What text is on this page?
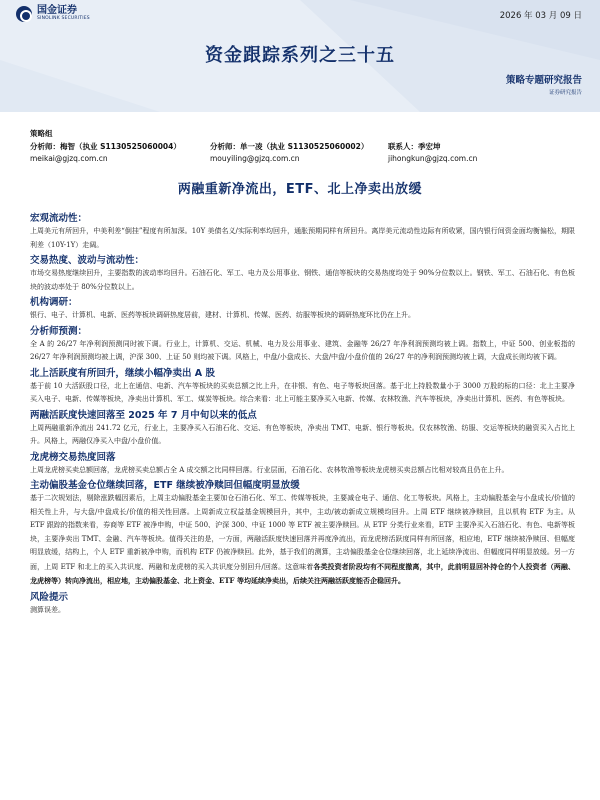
国金证券
SINOLINK SECURITIES	2026 年 03 月 09 日
资金跟踪系列之三十五
策略专题研究报告
证券研究报告
策略组
分析师：梅智（执业 S1130525060004）	分析师：单一凌（执业 S1130525060002）	联系人：季宏坤
meikai@gjzq.com.cn	mouyiling@gjzq.com.cn	jihongkun@gjzq.com.cn
两融重新净流出，ETF、北上净卖出放缓
宏观流动性：

上周美元有所回升，中美利差“倒挂”程度有所加深。10Y 美债名义/实际利率均回升，通胀预期同样有所回升。离岸美元流动性边际有所收紧，国内银行间资金面均衡偏松，期限利差（10Y-1Y）走阔。

交易热度、波动与流动性：

市场交易热度继续回升，主要指数的波动率均回升。石油石化、军工、电力及公用事业、钢铁、通信等板块的交易热度均处于 90%分位数以上。钢铁、军工、石油石化、有色板块的波动率处于 80%分位数以上。

机构调研：

银行、电子、计算机、电新、医药等板块调研热度居前，建材、计算机、传媒、医药、纺服等板块的调研热度环比仍在上升。

分析师预测：

全 A 的 26/27 年净利润预测同时被下调。行业上，计算机、交运、机械、电力及公用事业、建筑、金融等 26/27 年净利润预测均被上调。指数上，中证 500、创业板指的 26/27 年净利润预测均被上调，沪深 300、上证 50 则均被下调。风格上，中盘/小盘成长、大盘/中盘/小盘价值的 26/27 年的净利润预测均被上调，大盘成长则均被下调。

北上活跃度有所回升，继续小幅净卖出 A 股

基于前 10 大活跃股口径，北上在通信、电新、汽车等板块的买卖总额之比上升，在非银、有色、电子等板块回落。基于北上持股数量小于 3000 万股的标的口径：北上主要净买入电子、电新、传媒等板块，净卖出计算机、军工、煤炭等板块。综合来看：北上可能主要净买入电新、传媒、农林牧渔、汽车等板块，净卖出计算机、医药、有色等板块。

两融活跃度快速回落至 2025 年 7 月中旬以来的低点

上周两融重新净流出 241.72 亿元，行业上，主要净买入石油石化、交运、有色等板块，净卖出 TMT、电新、银行等板块。仅农林牧渔、纺服、交运等板块的融资买入占比上升。风格上，两融仅净买入中盘/小盘价值。

龙虎榜交易热度回落

上周龙虎榜买卖总额回落，龙虎榜买卖总额占全 A 成交额之比同样回落。行业层面，石油石化、农林牧渔等板块龙虎榜买卖总额占比相对较高且仍在上升。

主动偏股基金仓位继续回落，ETF 继续被净赎回但幅度明显放缓

基于二次规划法，剔除涨跌幅因素后，上周主动偏股基金主要加仓石油石化、军工、传媒等板块，主要减仓电子、通信、化工等板块。风格上，主动偏股基金与小盘成长/价值的相关性上升，与大盘/中盘成长/价值的相关性回落。上周新成立权益基金规模回升，其中，主动/被动新成立规模均回升。上周 ETF 继续被净赎回，且以机构 ETF 为主。从 ETF 跟踪的指数来看，券商等 ETF 被净申购，中证 500、沪深 300、中证 1000 等 ETF 被主要净赎回。从 ETF 分类行业来看，ETF 主要净买入石油石化、有色、电新等板块，主要净卖出 TMT、金融、汽车等板块。值得关注的是，一方面，两融活跃度快速回落并再度净流出，而龙虎榜活跃度同样有所回落，相应地，ETF 继续被净赎回、但幅度明显放缓，结构上，个人 ETF 重新被净申购，而机构 ETF 仍被净赎回。此外，基于我们的测算，主动偏股基金仓位继续回落，北上延续净流出、但幅度同样明显放缓。另一方面，上周 ETF 和北上的买入共识度、两融和龙虎榜的买入共识度分别回升/回落。这意味着各类投资者阶段均有不同程度撤离，其中，此前明显回补持仓的个人投资者（两融、龙虎榜等）转向净流出，相应地，主动偏股基金、北上资金、ETF 等均延续净卖出，后续关注两融活跃度能否企稳回升。

风险提示

测算误差。
